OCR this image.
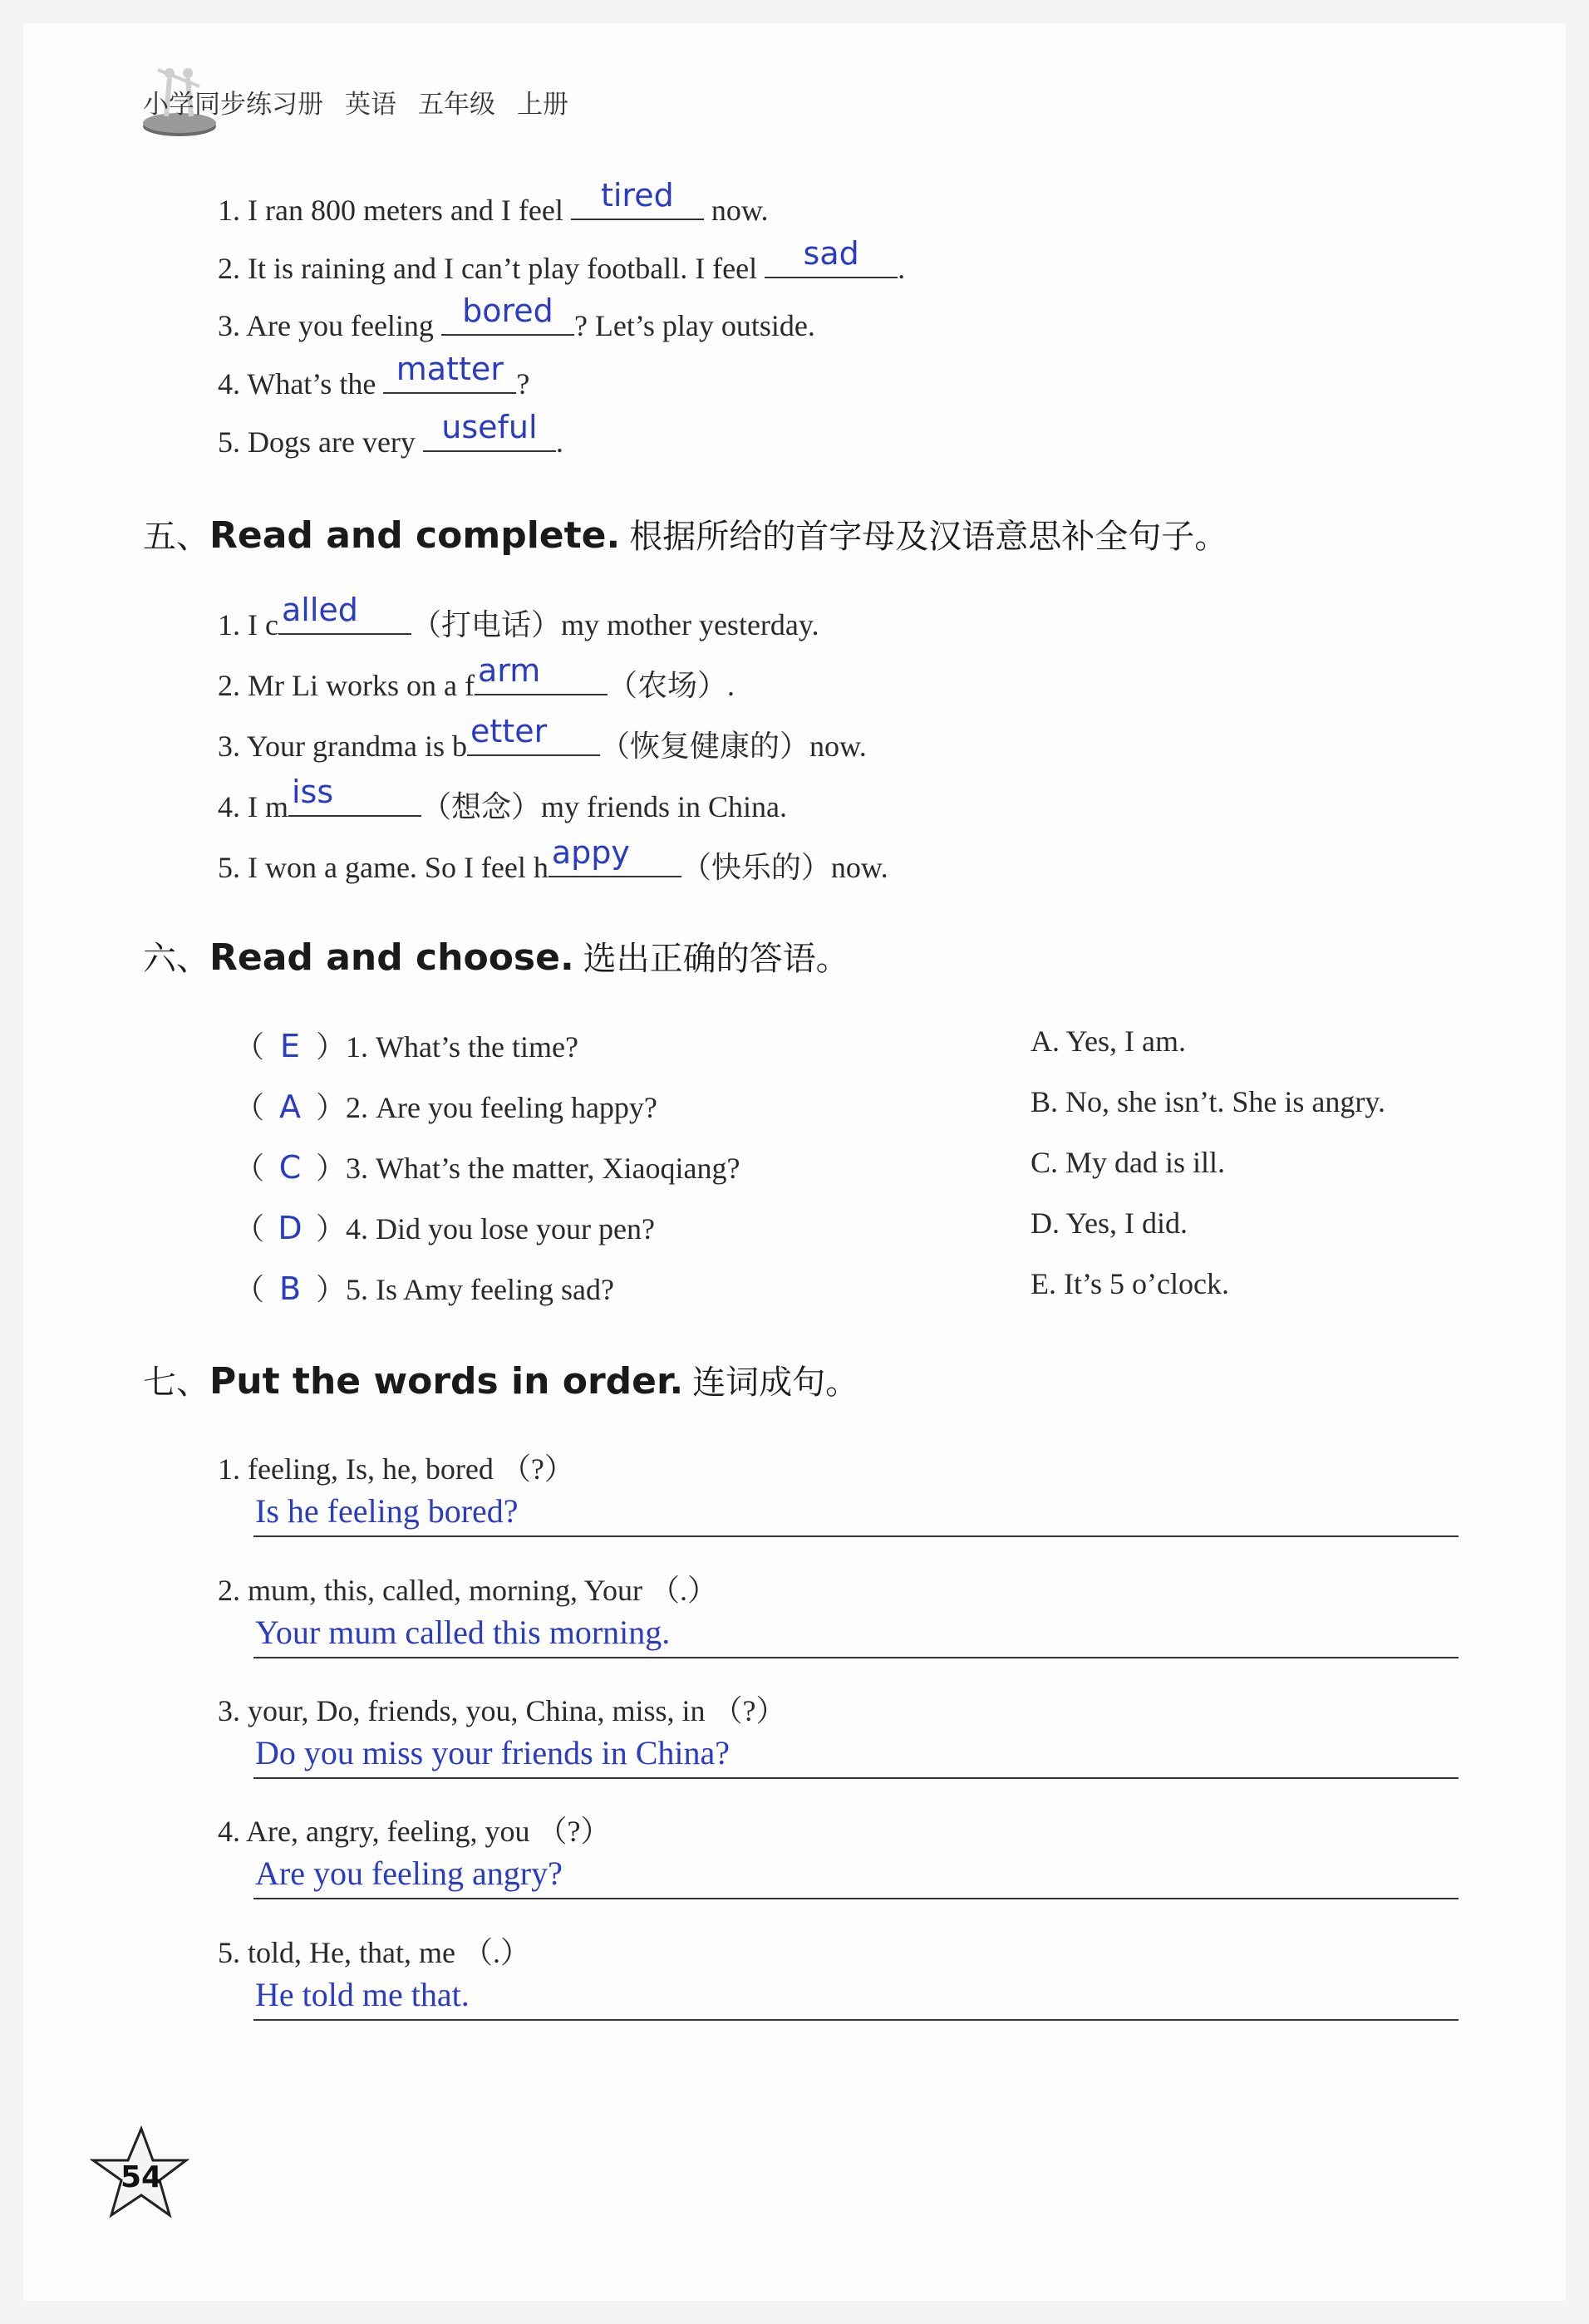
小学同步练习册 英语 五年级 上册
1. I ran 800 meters and I feel tired	now.
2. It is raining and I can’t play football. I feel	sad	.
3. Are you feeling bored ? Let’s play outside.
4. What’s the matter ?
5. Dogs are very useful .
五、Read and complete. 根据所给的首字母及汉语意思补全句子。
1. I c alled	（打电话）my mother yesterday.
2. Mr Li works on a f arm	（农场）.
3. Your grandma is b etter	（恢复健康的）now.
4. I m iss	（想念）my friends in China.
5. I won a game. So I feel h appy	（快乐的）now.
六、Read and choose. 选出正确的答语。
（ E ）1. What’s the time?
（ A ）2. Are you feeling happy?
（ C ）3. What’s the matter, Xiaoqiang?
（ D ）4. Did you lose your pen?
（ B ）5. Is Amy feeling sad?
A. Yes, I am.
B. No, she isn’t. She is angry.
C. My dad is ill.
D. Yes, I did.
E. It’s 5 o’clock.
七、Put the words in order. 连词成句。
1. feeling, Is, he, bored （?）
Is he feeling bored?
2. mum, this, called, morning, Your （.）
Your mum called this morning.
3. your, Do, friends, you, China, miss, in （?）
Do you miss your friends in China?
4. Are, angry, feeling, you （?）
Are you feeling angry?
5. told, He, that, me （.）
He told me that.
54
